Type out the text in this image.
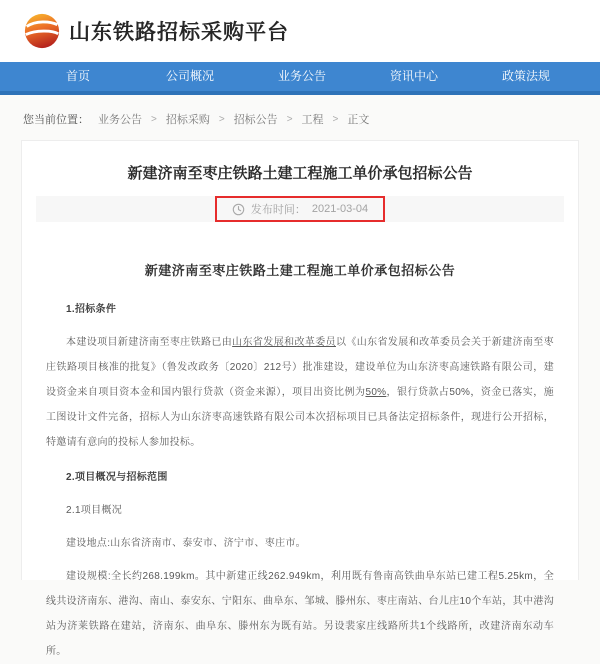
山东铁路招标采购平台
首页	公司概况	业务公告	资讯中心	政策法规
您当前位置： 业务公告 > 招标采购 > 招标公告 > 工程 > 正文
新建济南至枣庄铁路土建工程施工单价承包招标公告
发布时间： 2021-03-04
新建济南至枣庄铁路土建工程施工单价承包招标公告
1.招标条件
本建设项目新建济南至枣庄铁路已由山东省发展和改革委员以《山东省发展和改革委员会关于新建济南至枣庄铁路项目核准的批复》（鲁发改政务〔2020〕212号）批准建设，建设单位为山东济枣高速铁路有限公司，建设资金来自项目资本金和国内银行贷款（资金来源），项目出资比例为50%，银行贷款占50%，资金已落实，施工图设计文件完备，招标人为山东济枣高速铁路有限公司本次招标项目已具备法定招标条件，现进行公开招标，特邀请有意向的投标人参加投标。
2.项目概况与招标范围
2.1项目概况
建设地点:山东省济南市、泰安市、济宁市、枣庄市。
建设规模:全长约268.199km。其中新建正线262.949km，利用既有鲁南高铁曲阜东站已建工程5.25km，全线共设济南东、港沟、南山、泰安东、宁阳东、曲阜东、邹城、滕州东、枣庄南站、台儿庄10个车站，其中港沟站为济莱铁路在建站，济南东、曲阜东、滕州东为既有站。另设裴家庄线路所共1个线路所，改建济南东动车所。
